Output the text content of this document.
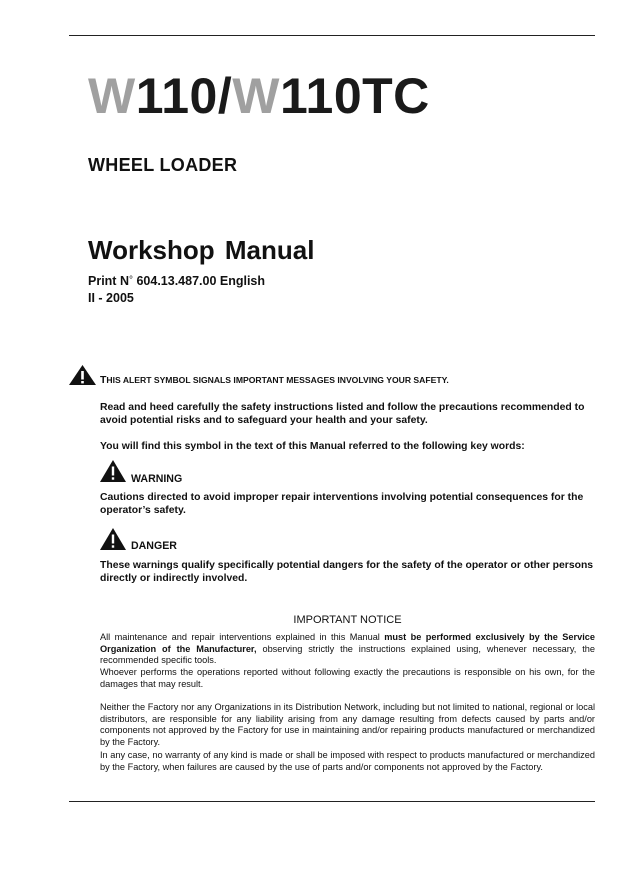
W110/W110TC
WHEEL LOADER
Workshop Manual
Print N° 604.13.487.00 English
II - 2005
THIS ALERT SYMBOL SIGNALS IMPORTANT MESSAGES INVOLVING YOUR SAFETY.
Read and heed carefully the safety instructions listed and follow the precautions recommended to avoid potential risks and to safeguard your health and your safety.
You will find this symbol in the text of this Manual referred to the following key words:
WARNING
Cautions directed to avoid improper repair interventions involving potential consequences for the operator’s safety.
DANGER
These warnings qualify specifically potential dangers for the safety of the operator or other persons directly or indirectly involved.
IMPORTANT NOTICE
All maintenance and repair interventions explained in this Manual must be performed exclusively by the Service Organization of the Manufacturer, observing strictly the instructions explained using, whenever necessary, the recommended specific tools.
Whoever performs the operations reported without following exactly the precautions is responsible on his own, for the damages that may result.
Neither the Factory nor any Organizations in its Distribution Network, including but not limited to national, regional or local distributors, are responsible for any liability arising from any damage resulting from defects caused by parts and/or components not approved by the Factory for use in maintaining and/or repairing products manufactured or merchandized by the Factory.
In any case, no warranty of any kind is made or shall be imposed with respect to products manufactured or merchandized by the Factory, when failures are caused by the use of parts and/or components not approved by the Factory.
